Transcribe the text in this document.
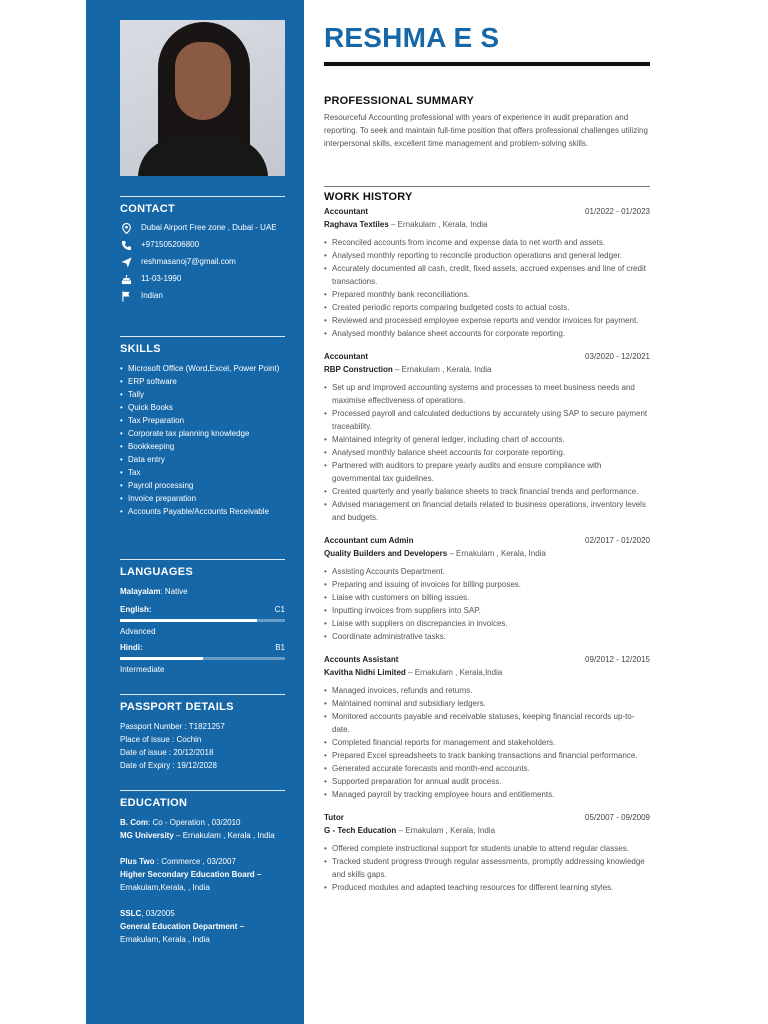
CONTACT
Dubai Airport Free zone , Dubai - UAE
+971505206800
reshmasanoj7@gmail.com
11-03-1990
Indian
SKILLS
• Microsoft Office (Word,Excel, Power Point)
• ERP software
• Tally
• Quick Books
• Tax Preparation
• Corporate tax planning knowledge
• Bookkeeping
• Data entry
• Tax
• Payroll processing
• Invoice preparation
• Accounts Payable/Accounts Receivable
LANGUAGES
Malayalam: Native
English:	C1
Advanced
Hindi:	B1
Intermediate
PASSPORT DETAILS
Passport Number : T1821257
Place of issue : Cochin
Date of issue : 20/12/2018
Date of Expiry : 19/12/2028
EDUCATION
B. Com: Co - Operation , 03/2010
MG University – Ernakulam , Kerala , India
Plus Two : Commerce , 03/2007
Higher Secondary Education Board –
Ernakulam,Kerala, , India
SSLC, 03/2005
General Education Department –
Ernakulam, Kerala , India
RESHMA E S
PROFESSIONAL SUMMARY

Resourceful Accounting professional with years of experience in audit preparation and reporting. To seek and maintain full-time position that offers professional challenges utilizing interpersonal skills, excellent time management and problem-solving skills.

WORK HISTORY
Accountant	01/2022 - 01/2023
Raghava Textiles – Ernakulam , Kerala, India
• Reconciled accounts from income and expense data to net worth and assets.
• Analysed monthly reporting to reconcile production operations and general ledger.
• Accurately documented all cash, credit, fixed assets, accrued expenses and line of credit transactions.
• Prepared monthly bank reconciliations.
• Created periodic reports comparing budgeted costs to actual costs.
• Reviewed and processed employee expense reports and vendor invoices for payment.
• Analysed monthly balance sheet accounts for corporate reporting.
Accountant	03/2020 - 12/2021
RBP Construction – Ernakulam , Kerala, India
• Set up and improved accounting systems and processes to meet business needs and maximise effectiveness of operations.
• Processed payroll and calculated deductions by accurately using SAP to secure payment traceability.
• Maintained integrity of general ledger, including chart of accounts.
• Analysed monthly balance sheet accounts for corporate reporting.
• Partnered with auditors to prepare yearly audits and ensure compliance with governmental tax guidelines.
• Created quarterly and yearly balance sheets to track financial trends and performance.
• Advised management on financial details related to business operations, inventory levels and budgets.
Accountant cum Admin	02/2017 - 01/2020
Quality Builders and Developers – Ernakulam , Kerala, India
• Assisting Accounts Department.
• Preparing and issuing of invoices for billing purposes.
• Liaise with customers on billing issues.
• Inputting invoices from suppliers into SAP.
• Liaise with suppliers on discrepancies in invoices.
• Coordinate administrative tasks.
Accounts Assistant	09/2012 - 12/2015
Kavitha Nidhi Limited – Ernakulam , Kerala,India
• Managed invoices, refunds and returns.
• Maintained nominal and subsidiary ledgers.
• Monitored accounts payable and receivable statuses, keeping financial records up-to-date.
• Completed financial reports for management and stakeholders.
• Prepared Excel spreadsheets to track banking transactions and financial performance.
• Generated accurate forecasts and month-end accounts.
• Supported preparation for annual audit process.
• Managed payroll by tracking employee hours and entitlements.
Tutor	05/2007 - 09/2009
G - Tech Education – Ernakulam , Kerala, India
• Offered complete instructional support for students unable to attend regular classes.
• Tracked student progress through regular assessments, promptly addressing knowledge and skills gaps.
• Produced modules and adapted teaching resources for different learning styles.
